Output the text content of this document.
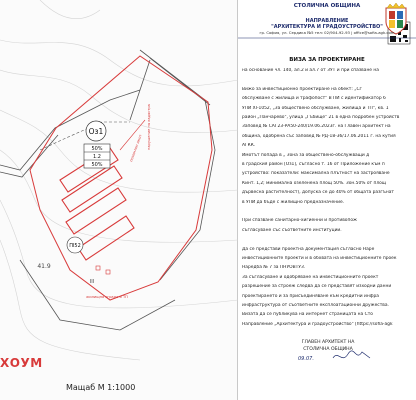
Оз1
50%
1.2
50%
ПI52
41.9
III
нарушение на кадастра
поземлен имот
жилищна сграда и ТП
ХОУМ
Мащаб М 1:1000
СТОЛИЧНА ОБЩИНА
НАПРАВЛЕНИЕ
"АРХИТЕКТУРА И ГРАДОУСТРОЙСТВО"
гр. София, ул. Сердика №5 тел: 02/904-92-93 | office@sofia-agk.com
ВИЗА ЗА ПРОЕКТИРАНЕ
на основание чл. 140, ал.2 и ал.7 от ЗУТ и при спазване на
Вижо за инвестиционно проектиране на обект: „Сг
обслужване с жилища и трафопост" В ПИ с идентификатор 6
УПИ XI-1052, „За обществено обслужване, жилища и ТП", кв. 1
район „Панчарево", улица „Гъбище" 21 в една подробен устройств
Заповед № САГ23-РА50-240/19.06.2023г. на Главен архитект на
община, одобрена със заповед № РД-18-36/17.06.2011 г. на кутия
АГКК.
Имотът попада в „ Зона за обществено-обслужващи д
в градския район [Оз1], съгласно т. 16 от Приложение към п
устройство: показатели: максимална плътност на застрояване
Кинт. 1,2; минимална озеленена площ 50%. Зон.50% от площ
дървесна растителност), допуска се до 40% от общата разгънат
в УПИ да бъде с жилищно предназначение.
При спазване санитарно-хигиенни и противопож
съгласуване със съответните институции.
Да се представи проектна документация съгласно Наре
инвестиционните проекти и в обхвата на инвестиционните проек
Наредба № 7 за ПНУОВТУЗ.
За съгласуване и одобряване на инвестиционните проект
разрешение за строеж следва да се представят изходни данни
проектирането и за присъединяване към кредитни инфра
инфраструктура от съответните експлоатационни дружества.
Визата да се публикува на интернет страницата на Сто
Направление „Архитектура и градоустройство" [https://sofia-agk
ГЛАВЕН АРХИТЕКТ НА
СТОЛИЧНА ОБЩИНА
09.07.
